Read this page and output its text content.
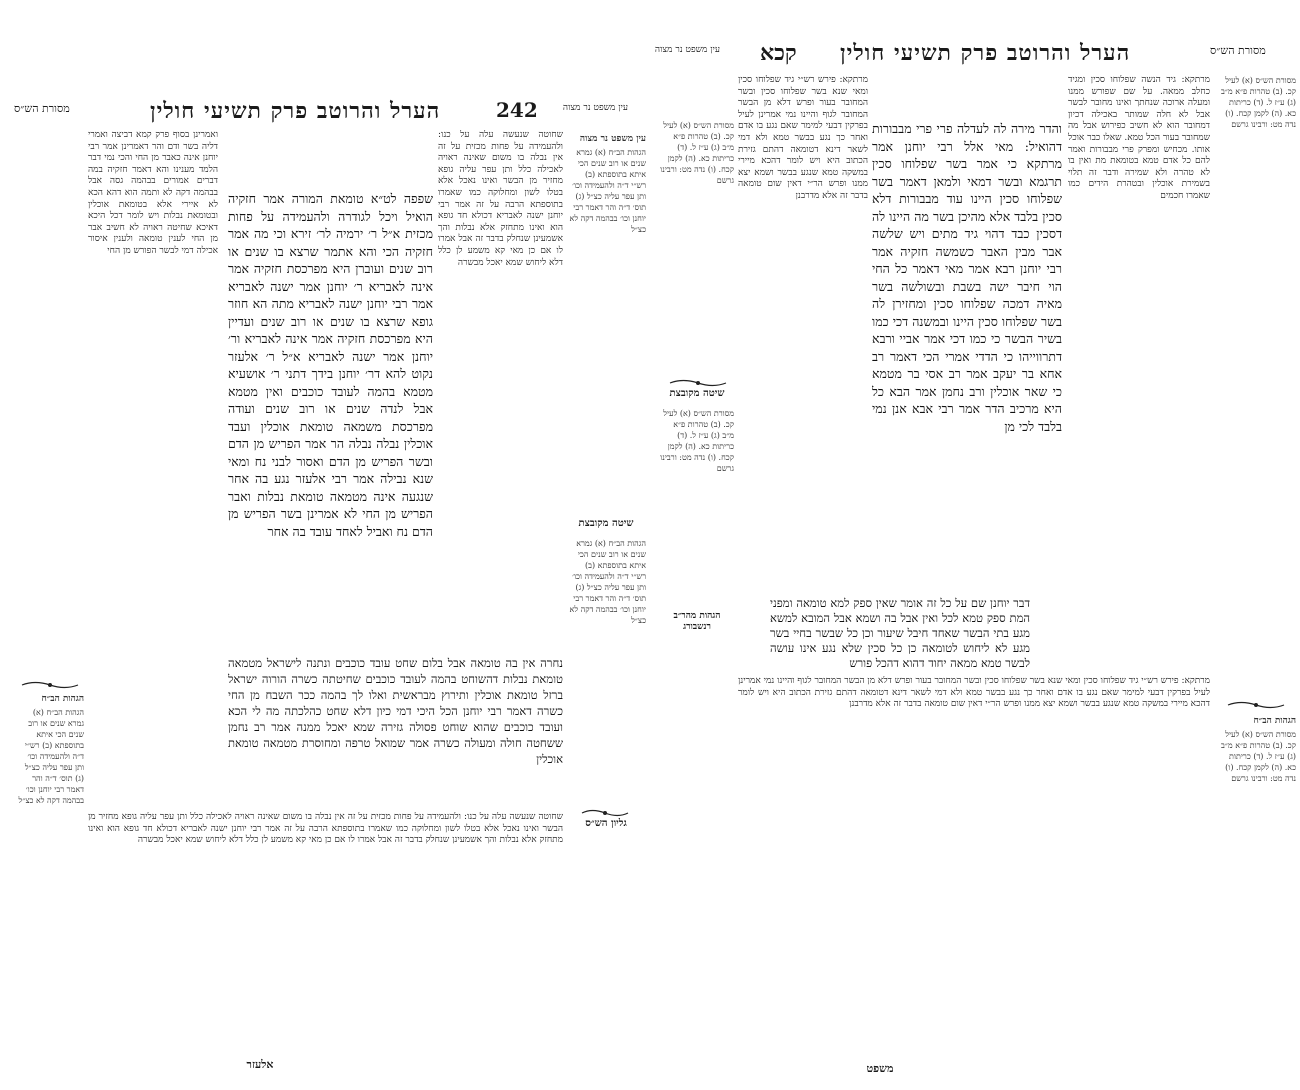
מסורת הש״ס	הערל והרוטב פרק תשיעי חולין	242	עין משפט נר מצוה
ואמרינן בסוף פרק קמא דביצה ואמרי דליה בשר ודם והר דאמרינן אמר רבי יוחנן אינה כאבר מן החי והכי נמי דבר הלמד מענינו והא דאמר חזקיה במה דברים אמורים בבהמה גסה אבל בבהמה דקה לא ותמה הוא דהא הכא לא איירי אלא בטומאת אוכלין ובטומאת נבלות ויש לומר דכל היכא דאיכא שחיטה ראויה לא חשיב אבר מן החי לענין טומאה ולענין איסור אכילה דמי לבשר הפורש מן החי
שפפה לט״א טומאת המורה אמר חזקיה הואיל ויכל לגודרה ולהעמידה על פחות מכזית א״ל ר׳ ירמיה לר׳ זירא וכי מה אמר חזקיה הכי והא אתמר שרצא בו שנים או רוב שנים ועוברן היא מפרכסת חזקיה אמר אינה לאבריא ר׳ יוחנן אמר ישנה לאבריא אמר רבי יוחנן ישנה לאבריא מתה הא חוזר גופא שרצא בו שנים או רוב שנים ועדיין היא מפרכסת חזקיה אמר אינה לאבריא ור׳ יוחנן אמר ישנה לאבריא א״ל ר׳ אלעזר נקוט להא דר׳ יוחנן בידך דתני ר׳ אושעיא מטמא בהמה לעובד כוכבים ואין מטמא אבל לנדה שנים או רוב שנים ועודה מפרכסת משמאה טומאת אוכלין ועבד אוכלין נבלה נבלה הר אמר הפריש מן הדם ובשר הפריש מן הדם ואסור לבני נח ומאי שנא נבילה אמר רבי אלעזר נגע בה אחר שנגעה אינה מטמאה טומאת נבלות ואבר הפריש מן החי לא אמרינן בשר הפריש מן הדם נח ואביל לאחד עובד בה אחר
שחוטה שנעשה עלה על כנו: ולהעמידה על פחות מכזית על זה אין נבלה בו משום שאינה ראויה לאכילה כלל ותן עפר עליה גופא מחזיר מן הבשר ואינו נאכל אלא בטלו לשון ומחלוקה כמו שאמרו בתוספתא הרבה על זה אמר רבי יוחנן ישנה לאבריא דכולא חד גופא הוא ואינו מתחזק אלא נבלות והך אשמעינן שנחלק בדבר זה אבל אמרו לו אם כן מאי קא משמע לן כלל דלא ליחוש שמא יאכל מבשרה
נחרה אין בה טומאה אבל בלום שחט עובד כוכבים ונתנה לישראל מטמאה טומאת נבלות דהשוחט בהמה לעובד כוכבים שחיטתה כשרה הורוה ישראל ברזל טומאת אוכלין ותירוץ מבראשית ואלו לך בהמה ככר השבח מן החי כשרה דאמר רבי יוחנן הכל היכי דמי כיון דלא שחט כהלכתה מה לי הכא ועובד כוכבים שהוא שוחט פסולה גזירה שמא יאכל ממנה אמר רב נחמן ששחטה חולה ומעולה כשרה אמר שמואל טרפה ומחוסרת מטמאה טומאת אוכלין
שחוטה שנעשה עלה על כנו: ולהעמידה על פחות מכזית על זה אין נבלה בו משום שאינה ראויה לאכילה כלל ותן עפר עליה גופא מחזיר מן הבשר ואינו נאכל אלא בטלו לשון ומחלוקה כמו שאמרו בתוספתא הרבה על זה אמר רבי יוחנן ישנה לאבריא דכולא חד גופא הוא ואינו מתחזק אלא נבלות והך אשמעינן שנחלק בדבר זה אבל אמרו לו אם כן מאי קא משמע לן כלל דלא ליחוש שמא יאכל מבשרה
אלעזר
הגהות הב״ח
הגהות הב״ח (א) גמרא שנים או רוב שנים הכי איתא בתוספתא (ב) רש״י ד״ה ולהעמידה וכו׳ ותן עפר עליה כצ״ל (ג) תוס׳ ד״ה והר דאמר רבי יוחנן וכו׳ בבהמה דקה לא כצ״ל
עין משפט נר מצוה
הגהות הב״ח (א) גמרא שנים או רוב שנים הכי איתא בתוספתא (ב) רש״י ד״ה ולהעמידה וכו׳ ותן עפר עליה כצ״ל (ג) תוס׳ ד״ה והר דאמר רבי יוחנן וכו׳ בבהמה דקה לא כצ״ל
שיטה מקובצת
הגהות הב״ח (א) גמרא שנים או רוב שנים הכי איתא בתוספתא (ב) רש״י ד״ה ולהעמידה וכו׳ ותן עפר עליה כצ״ל (ג) תוס׳ ד״ה והר דאמר רבי יוחנן וכו׳ בבהמה דקה לא כצ״ל
גליון הש״ס
עין משפט נר מצוה קכא הערל והרוטב פרק תשיעי חולין	מסורת הש״ס
מרתקא: פירש רש״י גיד שפלוחו סכין ומאי שנא בשר שפלוחו סכין ובשר המחובר בעור ופרש דלא מן הבשר המחובר לגוף והיינו נמי אמרינן לעיל בפרקין דבעי למימר שאם נגע בו אדם ואחר כך נגע בבשר טמא ולא דמי לשאר דינא דטומאה דהתם גזירת הכתוב היא ויש לומר דהכא מיירי במשקה טמא שנגע בבשר ושמא יצא ממנו ופרש הר״י דאין שום טומאה בדבר זה אלא מדרבנן
והדר מירה לה לעדלה פרי פרי מבבורות דהואיל: מאי אלל רבי יוחנן אמר מרתקא כי אמר בשר שפלוחו סכין תרגמא ובשר דמאי ולמאן דאמר בשר שפלוחו סכין היינו עוד מבבורות דלא סכין בלבד אלא מהיכן בשר מה היינו לה דסכין כבד דהוי גיד מתים ויש שלשה אבר מבין האבר כשמשה חזקיה אמר רבי יוחנן רבא אמר מאי דאמר כל החי הוי חיבר ישה בשבת ובשולשה בשר מאיה דמכה שפלוחו סכין ומחזירן לה בשר שפלוחו סכין היינו ובמשנה דכי כמו בשיר הבשר כי כמו דכי אמר אביי ורבא דתרווייהו כי הדדי אמרי הכי דאמר רב אחא בר יעקב אמר רב אסי בר מטמא כי שאר אוכלין ורב נחמן אמר הבא כל היא מרכיב הדר אמר רבי אבא אנן נמי בלבד לכי מן
מרתקא: גיד הנשה שפלוחו סכין ומגיד כחלב ממאה. על שם שפורש ממנו ומעלה ארוכה שנחתך ואינו מחובר לבשר אבל לא חלה שמותר באכילה דכיון דמחובר הוא לא חשיב כפירוש אבל מה שמחובר בעור הכל טמא. שאלו כבר אוכל אותו. מכחיש ומפרק פרי מבבורות ואמר להם כל אדם טמא בטומאת מת ואין בו לא טהרה ולא שמירה ודבר זה תלוי בשמירת אוכלין ובטהרת הידים כמו שאמרו חכמים
דבר יוחנן שם על כל זה אומר שאין ספק למא טומאה ומפני המת ספק טמא לכל ואין אבל בה ושמא אבל המובא למשא מגע בתי הבשר שאחד חיבל שיעור וכן כל שבשר בחיי בשר מגע לא ליחוש לטומאה כן כל סכין שלא נגע אינו עושה לבשר טמא ממאה יחוד דהוא דהכל פורש
מרתקא: פירש רש״י גיד שפלוחו סכין ומאי שנא בשר שפלוחו סכין ובשר המחובר בעור ופרש דלא מן הבשר המחובר לגוף והיינו נמי אמרינן לעיל בפרקין דבעי למימר שאם נגע בו אדם ואחר כך נגע בבשר טמא ולא דמי לשאר דינא דטומאה דהתם גזירת הכתוב היא ויש לומר דהכא מיירי במשקה טמא שנגע בבשר ושמא יצא ממנו ופרש הר״י דאין שום טומאה בדבר זה אלא מדרבנן
משפט
מסורת הש״ס (א) לעיל קכ. (ב) טהרות פ״א מ״ב (ג) ע״ז ל. (ד) כריתות כא. (ה) לקמן קכח. (ו) נדה מט: ורבינו גרשם
שיטה מקובצת
מסורת הש״ס (א) לעיל קכ. (ב) טהרות פ״א מ״ב (ג) ע״ז ל. (ד) כריתות כא. (ה) לקמן קכח. (ו) נדה מט: ורבינו גרשם
הגהות מהר״ב רנשבורג
מסורת הש״ס (א) לעיל קכ. (ב) טהרות פ״א מ״ב (ג) ע״ז ל. (ד) כריתות כא. (ה) לקמן קכח. (ו) נדה מט: ורבינו גרשם
הגהות הב״ח
מסורת הש״ס (א) לעיל קכ. (ב) טהרות פ״א מ״ב (ג) ע״ז ל. (ד) כריתות כא. (ה) לקמן קכח. (ו) נדה מט: ורבינו גרשם
